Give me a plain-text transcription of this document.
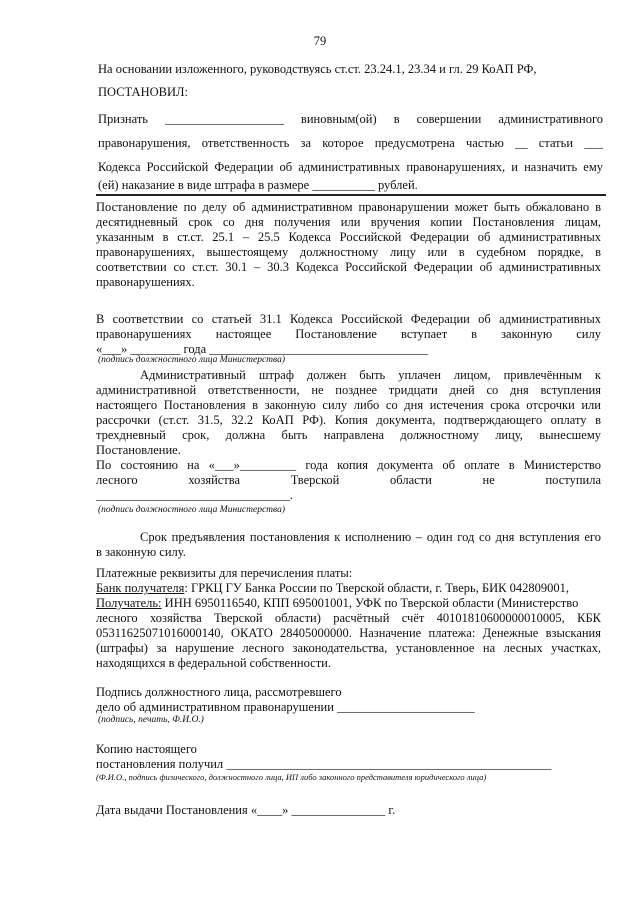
79
На основании изложенного, руководствуясь ст.ст. 23.24.1, 23.34 и гл. 29 КоАП РФ,
ПОСТАНОВИЛ:
Признать ___________________ виновным(ой) в совершении административного
правонарушения, ответственность за которое предусмотрена частью __ статьи ___
Кодекса Российской Федерации об административных правонарушениях, и назначить ему
(ей) наказание в виде штрафа в размере __________ рублей.
Постановление по делу об административном правонарушении может быть обжаловано в
десятидневный срок со дня получения или вручения копии Постановления лицам,
указанным в ст.ст. 25.1 – 25.5 Кодекса Российской Федерации об административных
правонарушениях, вышестоящему должностному лицу или в судебном порядке, в
соответствии со ст.ст. 30.1 – 30.3 Кодекса Российской Федерации об административных
правонарушениях.
В соответствии со статьей 31.1 Кодекса Российской Федерации об административных
правонарушениях настоящее Постановление вступает в законную силу
«___» ________ года ___________________________________
(подпись должностного лица Министерства)
Административный штраф должен быть уплачен лицом, привлечённым к
административной ответственности, не позднее тридцати дней со дня вступления
настоящего Постановления в законную силу либо со дня истечения срока отсрочки или
рассрочки (ст.ст. 31.5, 32.2 КоАП РФ). Копия документа, подтверждающего оплату в
трехдневный срок, должна быть направлена должностному лицу, вынесшему
Постановление.
По состоянию на «___»_________ года копия документа об оплате в Министерство
лесного хозяйства Тверской области не поступила
_______________________________.
(подпись должностного лица Министерства)
Срок предъявления постановления к исполнению – один год со дня вступления его
в законную силу.
Платежные реквизиты для перечисления платы:
Банк получателя: ГРКЦ ГУ Банка России по Тверской области, г. Тверь, БИК 042809001,
Получатель: ИНН 6950116540, КПП 695001001, УФК по Тверской области (Министерство
лесного хозяйства Тверской области) расчётный счёт 40101810600000010005, КБК
05311625071016000140, ОКАТО 28405000000. Назначение платежа: Денежные взыскания
(штрафы) за нарушение лесного законодательства, установленное на лесных участках,
находящихся в федеральной собственности.
Подпись должностного лица, рассмотревшего
дело об административном правонарушении ______________________
(подпись, печать, Ф.И.О.)
Копию настоящего
постановления получил ____________________________________________________
(Ф.И.О., подпись физического, должностного лица, ИП либо законного представителя юридического лица)
Дата выдачи Постановления «____» _______________ г.
